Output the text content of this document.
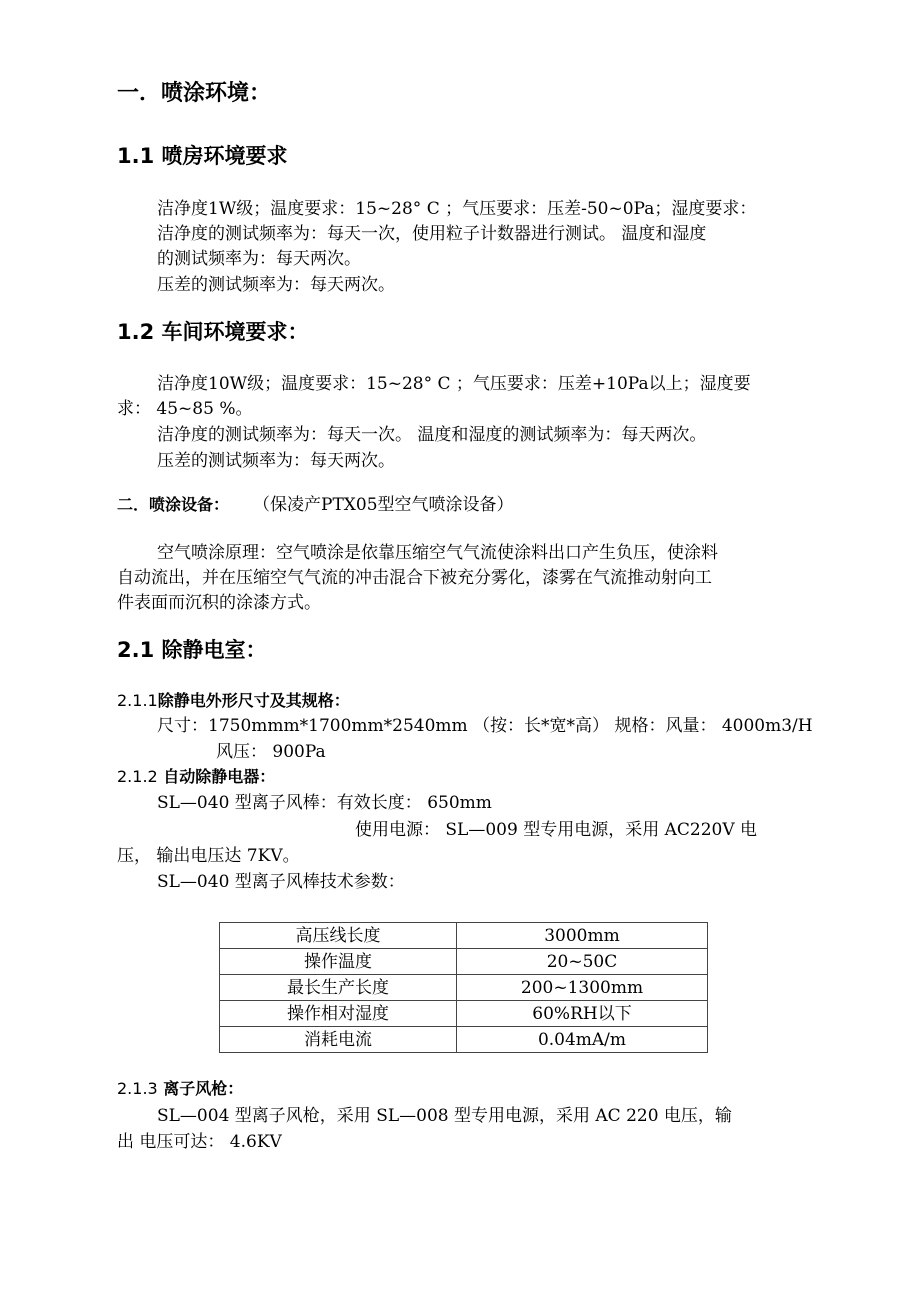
一．喷涂环境：
1.1 喷房环境要求
洁净度1W级；温度要求：15~28° C ；气压要求：压差-50~0Pa；湿度要求：
洁净度的测试频率为：每天一次，使用粒子计数器进行测试。 温度和湿度
的测试频率为：每天两次。
压差的测试频率为：每天两次。
1.2 车间环境要求：
洁净度10W级；温度要求：15~28° C ；气压要求：压差+10Pa以上；湿度要
求： 45~85 %。
洁净度的测试频率为：每天一次。 温度和湿度的测试频率为：每天两次。
压差的测试频率为：每天两次。
二．喷涂设备： （保凌产PTX05型空气喷涂设备）
空气喷涂原理：空气喷涂是依靠压缩空气气流使涂料出口产生负压，使涂料
自动流出，并在压缩空气气流的冲击混合下被充分雾化，漆雾在气流推动射向工
件表面而沉积的涂漆方式。
2.1 除静电室：
2.1.1除静电外形尺寸及其规格：
尺寸：1750mmm*1700mm*2540mm （按：长*宽*高） 规格：风量： 4000m3/H
风压： 900Pa
2.1.2 自动除静电器：
SL—040 型离子风棒：有效长度： 650mm
使用电源： SL—009 型专用电源，采用 AC220V 电
压， 输出电压达 7KV。
SL—040 型离子风棒技术参数：
高压线长度	3000mm
操作温度	20~50C
最长生产长度	200~1300mm
操作相对湿度	60%RH以下
消耗电流	0.04mA/m
2.1.3 离子风枪：
SL—004 型离子风枪，采用 SL—008 型专用电源，采用 AC 220 电压，输
出 电压可达： 4.6KV
